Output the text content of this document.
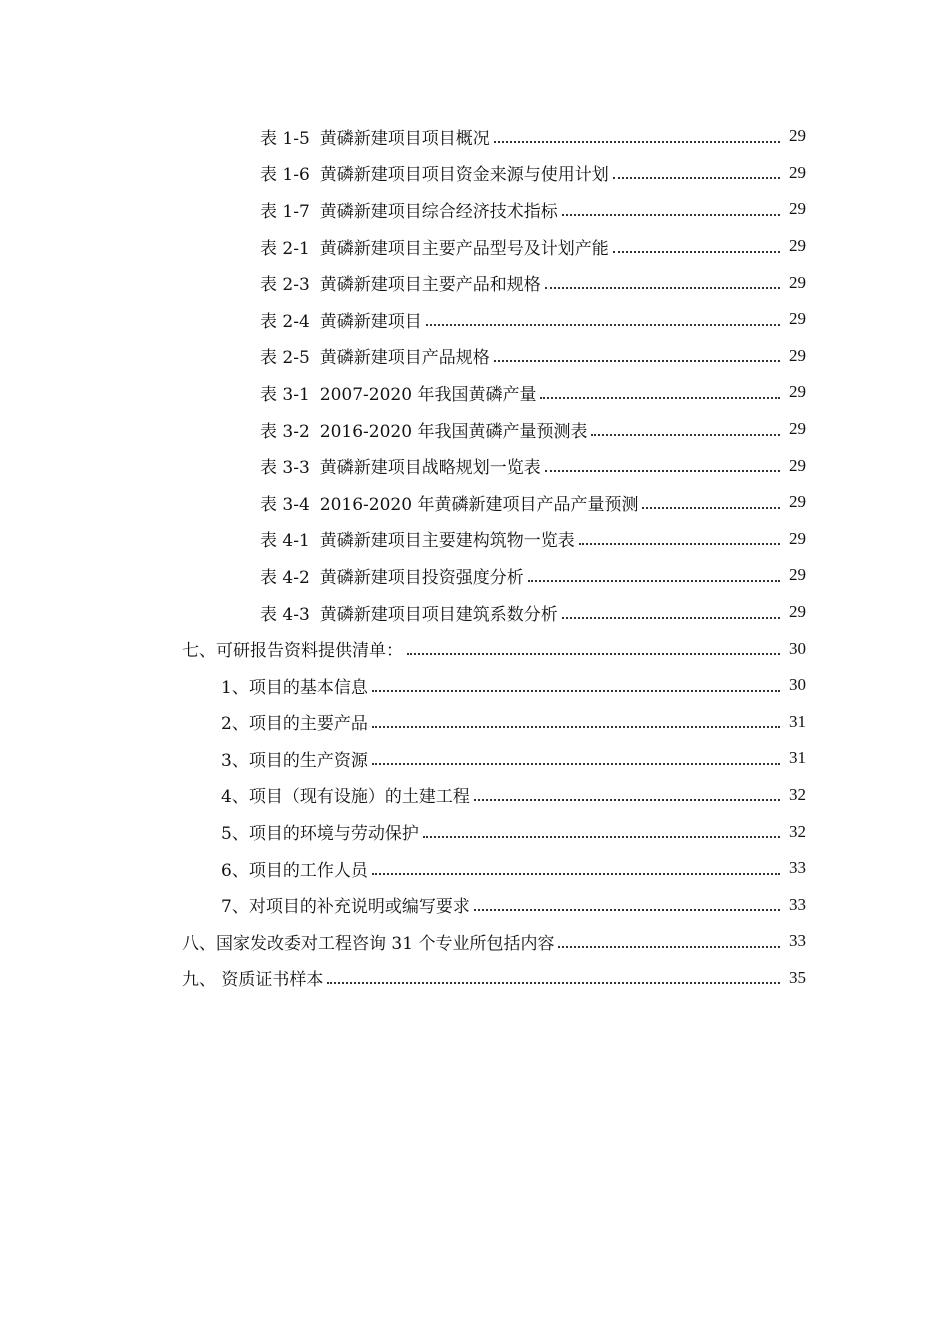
表 1-5 黄磷新建项目项目概况	29
表 1-6 黄磷新建项目项目资金来源与使用计划	29
表 1-7 黄磷新建项目综合经济技术指标	29
表 2-1 黄磷新建项目主要产品型号及计划产能	29
表 2-3 黄磷新建项目主要产品和规格	29
表 2-4 黄磷新建项目	29
表 2-5 黄磷新建项目产品规格	29
表 3-1 2007-2020 年我国黄磷产量	29
表 3-2 2016-2020 年我国黄磷产量预测表	29
表 3-3 黄磷新建项目战略规划一览表	29
表 3-4 2016-2020 年黄磷新建项目产品产量预测	29
表 4-1 黄磷新建项目主要建构筑物一览表	29
表 4-2 黄磷新建项目投资强度分析	29
表 4-3 黄磷新建项目项目建筑系数分析	29
七、可研报告资料提供清单：	30
1、项目的基本信息	30
2、项目的主要产品	31
3、项目的生产资源	31
4、项目（现有设施）的土建工程	32
5、项目的环境与劳动保护	32
6、项目的工作人员	33
7、对项目的补充说明或编写要求	33
八、国家发改委对工程咨询 31 个专业所包括内容	33
九、 资质证书样本	35
